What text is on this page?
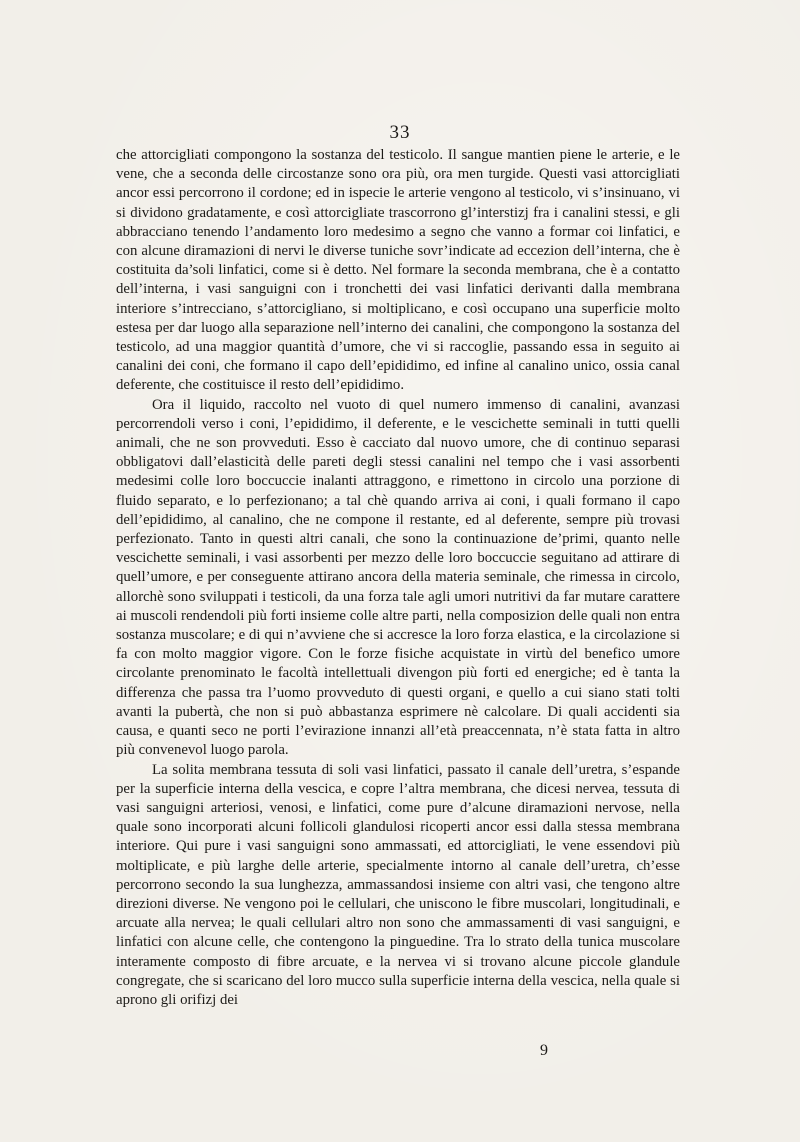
33

che attorcigliati compongono la sostanza del testicolo. Il sangue mantien piene le arterie, e le vene, che a seconda delle circostanze sono ora più, ora men turgide. Questi vasi attorcigliati ancor essi percorrono il cordone; ed in ispecie le arterie vengono al testicolo, vi s’insinuano, vi si dividono gradatamente, e così attorcigliate trascorrono gl’interstizj fra i canalini stessi, e gli abbracciano tenendo l’andamento loro medesimo a segno che vanno a formar coi linfatici, e con alcune diramazioni di nervi le diverse tuniche sovr’indicate ad eccezion dell’interna, che è costituita da’soli linfatici, come si è detto. Nel formare la seconda membrana, che è a contatto dell’interna, i vasi sanguigni con i tronchetti dei vasi linfatici derivanti dalla membrana interiore s’intrecciano, s’attorcigliano, si moltiplicano, e così occupano una superficie molto estesa per dar luogo alla separazione nell’interno dei canalini, che compongono la sostanza del testicolo, ad una maggior quantità d’umore, che vi si raccoglie, passando essa in seguito ai canalini dei coni, che formano il capo dell’epididimo, ed infine al canalino unico, ossia canal deferente, che costituisce il resto dell’epididimo.

Ora il liquido, raccolto nel vuoto di quel numero immenso di canalini, avanzasi percorrendoli verso i coni, l’epididimo, il deferente, e le vescichette seminali in tutti quelli animali, che ne son provveduti. Esso è cacciato dal nuovo umore, che di continuo separasi obbligatovi dall’elasticità delle pareti degli stessi canalini nel tempo che i vasi assorbenti medesimi colle loro boccuccie inalanti attraggono, e rimettono in circolo una porzione di fluido separato, e lo perfezionano; a tal chè quando arriva ai coni, i quali formano il capo dell’epididimo, al canalino, che ne compone il restante, ed al deferente, sempre più trovasi perfezionato. Tanto in questi altri canali, che sono la continuazione de’primi, quanto nelle vescichette seminali, i vasi assorbenti per mezzo delle loro boccuccie seguitano ad attirare di quell’umore, e per conseguente attirano ancora della materia seminale, che rimessa in circolo, allorchè sono sviluppati i testicoli, da una forza tale agli umori nutritivi da far mutare carattere ai muscoli rendendoli più forti insieme colle altre parti, nella composizion delle quali non entra sostanza muscolare; e di qui n’avviene che si accresce la loro forza elastica, e la circolazione si fa con molto maggior vigore. Con le forze fisiche acquistate in virtù del benefico umore circolante prenominato le facoltà intellettuali divengon più forti ed energiche; ed è tanta la differenza che passa tra l’uomo provveduto di questi organi, e quello a cui siano stati tolti avanti la pubertà, che non si può abbastanza esprimere nè calcolare. Di quali accidenti sia causa, e quanti seco ne porti l’evirazione innanzi all’età preaccennata, n’è stata fatta in altro più convenevol luogo parola.

La solita membrana tessuta di soli vasi linfatici, passato il canale dell’uretra, s’espande per la superficie interna della vescica, e copre l’altra membrana, che dicesi nervea, tessuta di vasi sanguigni arteriosi, venosi, e linfatici, come pure d’alcune diramazioni nervose, nella quale sono incorporati alcuni follicoli glandulosi ricoperti ancor essi dalla stessa membrana interiore. Qui pure i vasi sanguigni sono ammassati, ed attorcigliati, le vene essendovi più moltiplicate, e più larghe delle arterie, specialmente intorno al canale dell’uretra, ch’esse percorrono secondo la sua lunghezza, ammassandosi insieme con altri vasi, che tengono altre direzioni diverse. Ne vengono poi le cellulari, che uniscono le fibre muscolari, longitudinali, e arcuate alla nervea; le quali cellulari altro non sono che ammassamenti di vasi sanguigni, e linfatici con alcune celle, che contengono la pinguedine. Tra lo strato della tunica muscolare interamente composto di fibre arcuate, e la nervea vi si trovano alcune piccole glandule congregate, che si scaricano del loro mucco sulla superficie interna della vescica, nella quale si aprono gli orifizj dei

9
